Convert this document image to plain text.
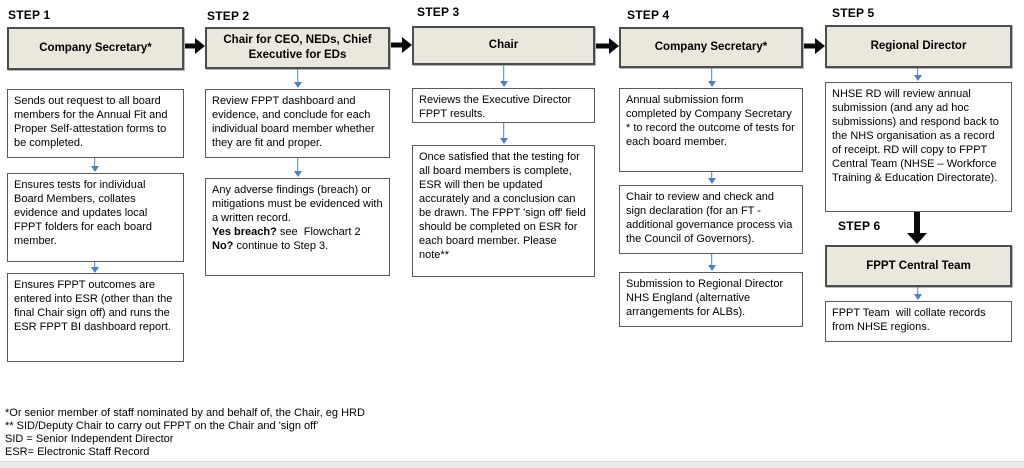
STEP 1	STEP 2	STEP 3	STEP 4	STEP 5
STEP 6
Company Secretary*
Chair for CEO, NEDs, Chief Executive for EDs
Chair	Company Secretary*	Regional Director
FPPT Central Team
Sends out request to all board members for the Annual Fit and Proper Self-attestation forms to be completed.
Ensures tests for individual Board Members, collates evidence and updates local FPPT folders for each board member.
Ensures FPPT outcomes are entered into ESR (other than the final Chair sign off) and runs the ESR FPPT BI dashboard report.
Review FPPT dashboard and evidence, and conclude for each individual board member whether they are fit and proper.
Any adverse findings (breach) or mitigations must be evidenced with a written record.
Yes breach? see  Flowchart 2
No? continue to Step 3.
Reviews the Executive Director FPPT results.
Once satisfied that the testing for all board members is complete, ESR will then be updated accurately and a conclusion can be drawn. The FPPT 'sign off' field should be completed on ESR for each board member. Please note**
Annual submission form completed by Company Secretary * to record the outcome of tests for each board member.
Chair to review and check and sign declaration (for an FT - additional governance process via the Council of Governors).
Submission to Regional Director NHS England (alternative arrangements for ALBs).
NHSE RD will review annual submission (and any ad hoc submissions) and respond back to the NHS organisation as a record of receipt. RD will copy to FPPT  Central Team (NHSE – Workforce Training & Education Directorate).
FPPT Team  will collate records from NHSE regions.
*Or senior member of staff nominated by and behalf of, the Chair, eg HRD
** SID/Deputy Chair to carry out FPPT on the Chair and 'sign off'
SID = Senior Independent Director
ESR= Electronic Staff Record
